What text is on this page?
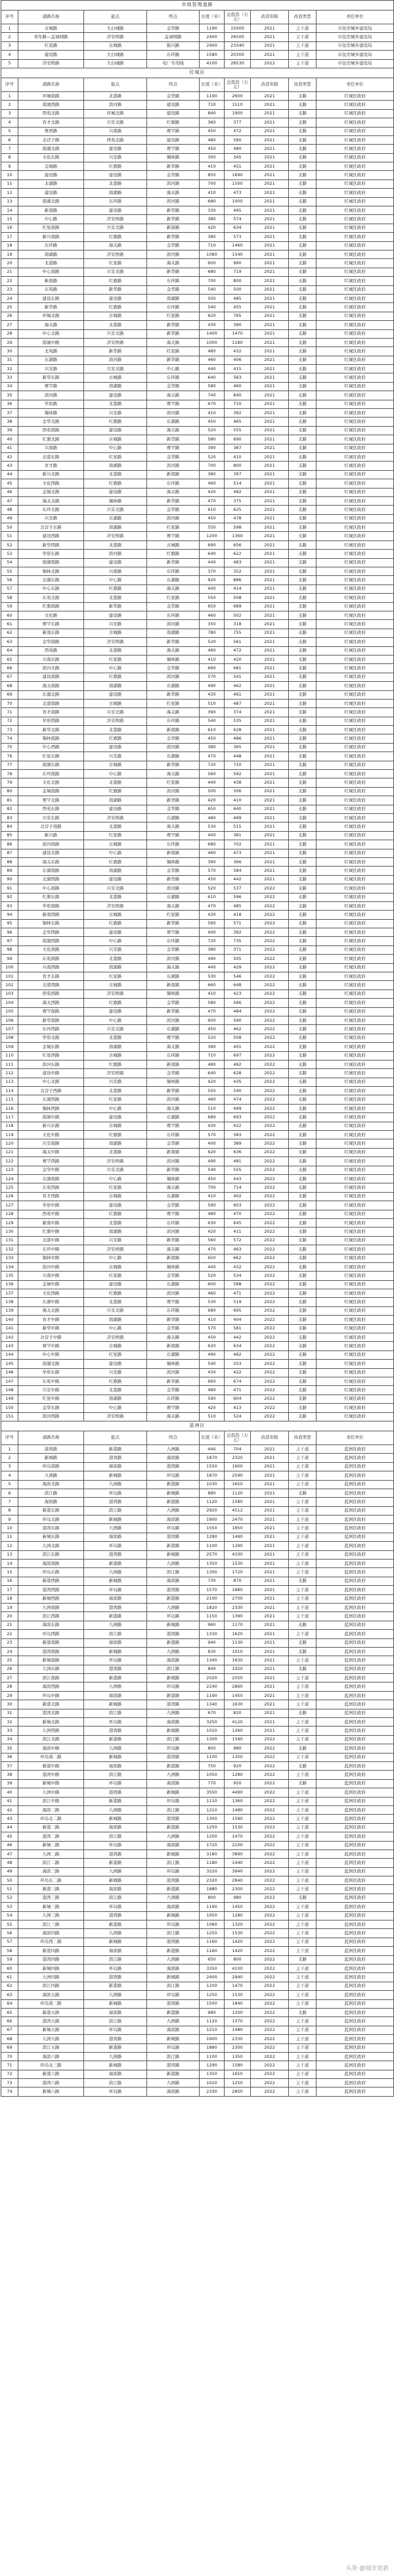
市级管理道路								
序号	道路名称	起点	终点	长度（米）	总投资（万元）	改造年限	改造类型	责任单位
1	古城路	大白城路	金华路	1190	15000	2021	主干道	市住房城乡建设局
2	青年路—孟禄园路	济安桥路	孟禄园路	2400	26500	2021	主干道	市住房城乡建设局
3	红星路	古城路	振兴路	2400	23340	2021	主干道	市住房城乡建设局
4	建设路	大白城路	东环路	1580	20300	2021	主干道	市住房城乡建设局
5	济安桥路	大白城路	电厂专用线	4100	28530	2022	主干道	市住房城乡建设局
红城区								
序号	道路名称	起点	终点	长度（米）	总投资（万元）	改造年限	改造类型	责任单位
1	环城南路	北港路	金华路	1190	2600	2021	支路	红城区政府
2	南湖西路	滨河路	建设路	720	1510	2021	支路	红城区政府
3	西苑北路	环城北路	建设路	840	1900	2021	支路	红城区政府
4	育才北路	兴安北路	红旗路	360	377	2021	支路	红城区政府
5	赛西路	兴南路	赛罕路	450	472	2021	支路	红城区政府
6	北营子路	西苑北路	建设路	480	580	2021	支路	红城区政府
7	南湖北路	建设路	赛罕路	450	480	2021	支路	红城区政府
8	文化东路	兴安路	锡林路	300	345	2021	支路	红城区政府
9	金城路	红旗路	新华路	410	451	2021	支路	红城区政府
10	建设路	建设路	金华路	850	1690	2021	支路	红城区政府
11	北湖路	北港路	滨河路	700	1500	2021	支路	红城区政府
12	建设路	南湖路	海关路	410	473	2021	支路	红城区政府
13	南湖北路	东环路	滨河路	680	1000	2021	支路	红城区政府
14	新南路	建设路	新华路	330	495	2021	支路	红城区政府
15	中心路	济安桥路	新华路	380	574	2021	支路	红城区政府
16	红星南路	兴安北路	新南路	420	634	2021	支路	红城区政府
17	新兴南路	红旗路	新华路	380	573	2021	支路	红城区政府
18	东环路	海关路	金华路	710	1460	2021	支路	红城区政府
19	南湖路	济安桥路	滨河路	1080	1540	2021	支路	红城区政府
20	北港路	红星路	海关路	600	990	2021	支路	红城区政府
21	中心南路	兴安北路	新华路	680	719	2021	支路	红城区政府
22	新南路	红旗路	东环路	700	800	2021	支路	红城区政府
23	东苑路	新华路	金华路	540	500	2021	支路	红城区政府
24	建设东路	建设路	南湖路	500	485	2021	支路	红城区政府
25	新华路	红旗路	东环路	540	455	2021	支路	红城区政府
26	环城北路	古城路	红星路	620	765	2021	支路	红城区政府
27	海关路	北港路	新华路	430	390	2021	支路	红城区政府
28	中心北路	兴安北路	新华路	1400	1470	2021	支路	红城区政府
29	南湖中路	济安桥路	海关路	1000	1180	2021	支路	红城区政府
30	北苑路	新华路	红星路	480	432	2021	支路	红城区政府
31	东湖路	滨河路	新华路	460	406	2021	支路	红城区政府
32	兴安路	兴安北路	中心路	440	415	2021	支路	红城区政府
33	新华东路	古城路	东环路	640	563	2021	支路	红城区政府
34	赛罕路	南湖路	金华路	580	460	2021	支路	红城区政府
35	滨河路	建设路	海关路	740	840	2021	支路	红城区政府
36	学府路	北港路	赛罕路	670	710	2021	支路	红城区政府
37	锡林路	兴安路	滨河路	410	392	2021	支路	红城区政府
38	金华北路	红旗路	东湖路	450	465	2021	支路	红城区政府
39	西苑南路	建设路	海关路	520	555	2021	支路	红城区政府
40	红旗北路	古城路	新华路	580	690	2021	支路	红城区政府
41	兴南路	中心路	赛罕路	390	387	2021	支路	红城区政府
42	北港东路	红星路	金华路	520	410	2021	支路	红城区政府
43	育才路	南湖路	滨河路	700	800	2021	支路	红城区政府
44	新兴北路	北港路	新南路	380	397	2021	支路	红城区政府
45	文化西路	红旗路	东环路	460	514	2021	支路	红城区政府
46	金城北路	建设路	海关路	420	482	2021	支路	红城区政府
47	海关北路	锡林路	新华路	470	375	2021	支路	红城区政府
48	东环北路	兴安北路	金华路	610	625	2021	支路	红城区政府
49	兴安路	东湖路	滨河路	450	478	2021	支路	红城区政府
50	北营子东路	南湖路	红星路	550	598	2021	支路	红城区政府
51	建设西路	济安桥路	赛罕路	1200	1360	2021	支路	红城区政府
52	新华西路	北港路	古城路	690	656	2021	支路	红城区政府
53	学府东路	滨河路	红旗路	640	622	2021	支路	红城区政府
54	南湖南路	建设路	新华路	440	483	2021	支路	红城区政府
55	锡林北路	兴南路	东环路	370	352	2021	支路	红城区政府
56	北湖东路	中心路	东湖路	920	886	2021	支路	红城区政府
57	中心东路	红旗路	海关路	400	414	2021	支路	红城区政府
58	东苑北路	北港路	红星路	550	508	2021	支路	红城区政府
59	红旗南路	新华路	金华路	650	689	2021	支路	红城区政府
60	文化路	建设路	东环路	460	502	2021	支路	红城区政府
61	赛罕东路	兴安路	滨河路	350	318	2021	支路	红城区政府
62	新南东路	古城路	南湖路	780	755	2021	支路	红城区政府
63	金华南路	济安桥路	新华路	520	561	2021	支路	红城区政府
64	西苑路	北港路	海关路	460	472	2021	支路	红城区政府
65	兴南东路	红星路	锡林路	410	420	2021	支路	红城区政府
66	滨河北路	中心路	金华路	660	681	2021	支路	红城区政府
67	建设南路	红旗路	滨河路	570	541	2021	支路	红城区政府
68	海关南路	南湖路	东湖路	490	462	2021	支路	红城区政府
69	东湖北路	建设路	新华路	430	461	2021	支路	红城区政府
70	北港南路	古城路	红星路	510	487	2021	支路	红城区政府
71	育才南路	兴安北路	海关路	390	374	2021	支路	红城区政府
72	学府西路	济安桥路	东环路	540	535	2021	支路	红城区政府
73	新华北路	北港路	新南路	610	628	2021	支路	红城区政府
74	锡林南路	红旗路	金华路	450	486	2021	支路	红城区政府
75	中心西路	建设路	滨河路	380	365	2021	支路	红城区政府
76	红星东路	兴安路	东湖路	470	448	2021	支路	红城区政府
77	南湖东路	古城路	新华路	720	710	2021	支路	红城区政府
78	东环南路	中心路	海关路	560	592	2021	支路	红城区政府
79	文化北路	北港路	红星路	440	438	2021	支路	红城区政府
80	金城南路	红旗路	滨河路	500	506	2021	支路	红城区政府
81	赛罕北路	南湖路	新华路	420	410	2021	支路	红城区政府
82	西苑东路	建设路	金华路	650	640	2021	支路	红城区政府
83	兴安东路	济安桥路	东湖路	480	499	2021	支路	红城区政府
84	北营子南路	北港路	海关路	530	515	2021	支路	红城区政府
85	新兴路	红星路	赛罕路	400	381	2021	支路	红城区政府
86	滨河南路	古城路	东环路	680	702	2021	支路	红城区政府
87	建设北路	中心路	新南路	460	473	2021	支路	红城区政府
88	海关东路	红旗路	锡林路	390	366	2021	支路	红城区政府
89	东湖南路	南湖路	金华路	570	584	2021	支路	红城区政府
90	北湖西路	建设路	新华路	450	442	2021	支路	红城区政府
91	中心南路	兴安北路	滨河路	520	537	2022	支路	红城区政府
92	红旗东路	北港路	东湖路	610	596	2022	支路	红城区政府
93	学府南路	济安桥路	海关路	470	485	2022	支路	红城区政府
94	新南西路	古城路	红星路	430	418	2022	支路	红城区政府
95	锡林东路	红旗路	新华路	560	571	2022	支路	红城区政府
96	金华西路	建设路	赛罕路	400	392	2022	支路	红城区政府
97	南湖西路	中心路	东环路	720	735	2022	支路	红城区政府
98	文化南路	兴安路	金华路	380	371	2022	支路	红城区政府
99	东苑南路	北港路	滨河路	490	505	2022	支路	红城区政府
100	兴南西路	南湖路	海关路	440	429	2022	支路	红城区政府
101	育才东路	红星路	东湖路	530	546	2022	支路	红城区政府
102	北港西路	古城路	新南路	660	648	2022	支路	红城区政府
103	西苑西路	济安桥路	锡林路	410	423	2022	支路	红城区政府
104	海关西路	红旗路	金华路	580	566	2022	支路	红城区政府
105	赛罕南路	建设路	新华路	470	484	2022	支路	红城区政府
106	新华南路	中心路	滨河路	600	590	2022	支路	红城区政府
107	东环西路	兴安北路	东湖路	450	462	2022	支路	红城区政府
108	学府北路	北港路	赛罕路	520	508	2022	支路	红城区政府
109	金城东路	南湖路	海关路	390	401	2022	支路	红城区政府
110	红星西路	古城路	东环路	710	697	2022	支路	红城区政府
111	滨河东路	红旗路	新南路	480	492	2022	支路	红城区政府
112	建设中路	济安桥路	金华路	640	628	2022	支路	红城区政府
113	中心北路	兴安路	锡林路	420	435	2022	支路	红城区政府
114	北营子西路	北港路	新华路	550	540	2022	支路	红城区政府
115	东湖西路	红星路	滨河路	460	474	2022	支路	红城区政府
116	锡林西路	中心路	海关路	510	499	2022	支路	红城区政府
117	南湖中路	建设路	东湖路	680	693	2022	支路	红城区政府
118	新兴东路	古城路	赛罕路	430	422	2022	支路	红城区政府
119	文化中路	红旗路	东环路	570	583	2022	支路	红城区政府
120	兴安南路	南湖路	金华路	400	389	2022	支路	红城区政府
121	海关中路	北港路	新南路	620	636	2022	支路	红城区政府
122	赛罕西路	济安桥路	滨河路	490	481	2022	支路	红城区政府
123	金华中路	兴安北路	新华路	540	555	2022	支路	红城区政府
124	北湖南路	中心路	锡林路	450	443	2022	支路	红城区政府
125	东苑西路	红星路	海关路	700	714	2022	支路	红城区政府
126	育才西路	古城路	东湖路	410	402	2022	支路	红城区政府
127	学府中路	建设路	金华路	590	603	2022	支路	红城区政府
128	西苑中路	红旗路	赛罕路	480	470	2022	支路	红城区政府
129	新南中路	北港路	东环路	630	645	2022	支路	红城区政府
130	红旗中路	南湖路	滨河路	420	411	2022	支路	红城区政府
131	北港中路	兴安路	新华路	560	572	2022	支路	红城区政府
132	东环中路	济安桥路	海关路	470	463	2022	支路	红城区政府
133	锡林中路	中心路	新南路	650	662	2022	支路	红城区政府
134	滨河中路	古城路	锡林路	440	432	2022	支路	红城区政府
135	兴南中路	红星路	金华路	520	534	2022	支路	红城区政府
136	金城中路	建设路	东湖路	600	588	2022	支路	红城区政府
137	文化西路	红旗路	滨河路	460	471	2022	支路	红城区政府
138	东湖中路	北港路	赛罕路	530	519	2022	支路	红城区政府
139	海关北路	兴安北路	东环路	680	695	2022	支路	红城区政府
140	育才中路	南湖路	新华路	410	404	2022	支路	红城区政府
141	新华中路	中心路	金华路	570	581	2022	支路	红城区政府
142	北营子中路	济安桥路	海关路	450	442	2022	支路	红城区政府
143	赛罕中路	古城路	新南路	620	634	2022	支路	红城区政府
144	中心中路	红星路	东湖路	490	482	2022	支路	红城区政府
145	南湖北路	建设路	锡林路	540	553	2022	支路	红城区政府
146	学府东路	兴安路	滨河路	430	422	2022	支路	红城区政府
147	东苑中路	红旗路	新华路	660	674	2022	支路	红城区政府
148	兴安中路	北港路	金华路	480	471	2022	支路	红城区政府
149	红星中路	南湖路	东环路	590	604	2022	支路	红城区政府
150	金华东路	中心路	赛罕路	420	413	2022	支路	红城区政府
151	滨河西路	济安桥路	海关路	510	524	2022	支路	红城区政府
蓝洲区								
序号	道路名称	起点	终点	长度（米）	总投资（万元）	改造年限	改造类型	责任单位
1	港湾路	新港路	九洲路	440	704	2021	主干道	蓝洲区政府
2	新城路	港湾路	海滨路	1870	2320	2021	主干道	蓝洲区政府
3	环岛南路	海滨路	港湾路	1550	1600	2021	主干道	蓝洲区政府
4	九洲路	新城路	环岛路	1870	2590	2021	主干道	蓝洲区政府
5	海滨北路	九洲路	新港路	1030	1650	2021	主干道	蓝洲区政府
6	滨江路	环岛路	新城路	880	1120	2021	支路	蓝洲区政府
7	海滨路	港湾路	新港路	1120	1580	2021	主干道	蓝洲区政府
8	新港东路	滨江路	九洲路	2920	4512	2021	主干道	蓝洲区政府
9	环岛北路	新城路	海滨路	1900	2470	2021	主干道	蓝洲区政府
10	港湾东路	九洲路	环岛路	1550	1850	2021	主干道	蓝洲区政府
11	新城东路	海滨路	港湾路	1280	1490	2021	主干道	蓝洲区政府
12	九洲北路	环岛路	新港路	1100	1290	2021	主干道	蓝洲区政府
13	滨江东路	港湾路	新城路	2570	4330	2021	主干道	蓝洲区政府
14	海滨南路	新港路	九洲路	1350	1530	2021	主干道	蓝洲区政府
15	环岛东路	九洲路	滨江路	1300	1720	2021	主干道	蓝洲区政府
16	新港西路	新城路	海滨路	730	870	2021	支路	蓝洲区政府
17	港湾西路	环岛路	港湾路	1570	1880	2021	主干道	蓝洲区政府
18	新城西路	海滨路	新港路	2100	2700	2021	主干道	蓝洲区政府
19	九洲南路	港湾路	九洲路	1820	2330	2021	主干道	蓝洲区政府
20	滨江西路	新港路	环岛路	1150	1390	2021	主干道	蓝洲区政府
21	海滨东路	九洲路	新城路	960	1170	2021	支路	蓝洲区政府
22	环岛西路	滨江路	港湾路	1330	1620	2021	主干道	蓝洲区政府
23	新港南路	海滨路	新港路	940	1130	2021	支路	蓝洲区政府
24	港湾南路	新城路	九洲路	830	1010	2021	支路	蓝洲区政府
25	新城南路	环岛路	海滨路	1340	1630	2021	主干道	蓝洲区政府
26	九洲东路	港湾路	滨江路	840	1020	2021	支路	蓝洲区政府
27	滨江南路	新港路	新城路	2020	2550	2021	主干道	蓝洲区政府
28	海滨西路	九洲路	环岛路	2240	2860	2021	主干道	蓝洲区政府
29	环岛中路	海滨路	新港路	1190	1450	2021	主干道	蓝洲区政府
30	新港北路	新城路	港湾路	1340	1630	2021	主干道	蓝洲区政府
31	港湾北路	滨江路	九洲路	670	820	2021	支路	蓝洲区政府
32	新城北路	环岛路	海滨路	3250	4120	2021	主干道	蓝洲区政府
33	九洲西路	港湾路	新城路	1020	1260	2021	主干道	蓝洲区政府
34	滨江北路	新港路	滨江路	1300	1590	2022	主干道	蓝洲区政府
35	海滨中路	九洲路	环岛路	800	980	2022	支路	蓝洲区政府
36	环岛南二路	新城路	港湾路	1100	1350	2022	主干道	蓝洲区政府
37	新港中路	海滨路	新港路	750	920	2022	支路	蓝洲区政府
38	港湾中路	滨江路	九洲路	1050	1280	2022	主干道	蓝洲区政府
39	新城中路	环岛路	海滨路	770	950	2022	支路	蓝洲区政府
40	九洲中路	港湾路	新城路	3550	4490	2022	主干道	蓝洲区政府
41	滨江中路	新港路	环岛路	1110	1360	2022	主干道	蓝洲区政府
42	海滨二路	九洲路	滨江路	1210	1480	2022	主干道	蓝洲区政府
43	环岛北二路	新城路	港湾路	1300	1590	2022	主干道	蓝洲区政府
44	新港二路	海滨路	新港路	1250	1530	2022	主干道	蓝洲区政府
45	港湾二路	滨江路	九洲路	1200	1470	2022	主干道	蓝洲区政府
46	新城二路	环岛路	海滨路	1720	2100	2022	主干道	蓝洲区政府
47	九洲二路	港湾路	新城路	3180	3890	2022	主干道	蓝洲区政府
48	滨江二路	新港路	滨江路	1180	1440	2022	主干道	蓝洲区政府
49	海滨三路	九洲路	环岛路	3220	3940	2022	主干道	蓝洲区政府
50	环岛东二路	新城路	港湾路	2320	2840	2022	主干道	蓝洲区政府
51	新港三路	海滨路	新港路	1880	2300	2022	主干道	蓝洲区政府
52	港湾三路	滨江路	九洲路	800	980	2022	支路	蓝洲区政府
53	新城三路	环岛路	海滨路	1190	1450	2022	主干道	蓝洲区政府
54	九洲三路	港湾路	新城路	1050	1280	2022	主干道	蓝洲区政府
55	滨江三路	新港路	环岛路	1080	1320	2022	主干道	蓝洲区政府
56	海滨四路	九洲路	滨江路	1250	1530	2022	主干道	蓝洲区政府
57	环岛西二路	新城路	港湾路	1160	1420	2022	主干道	蓝洲区政府
58	新港四路	海滨路	新港路	1160	1420	2022	主干道	蓝洲区政府
59	港湾四路	滨江路	九洲路	650	800	2022	支路	蓝洲区政府
60	新城四路	环岛路	海滨路	3350	4100	2022	主干道	蓝洲区政府
61	九洲四路	港湾路	新城路	2400	2940	2022	主干道	蓝洲区政府
62	滨江四路	新港路	滨江路	1200	1470	2022	主干道	蓝洲区政府
63	海滨五路	九洲路	环岛路	1250	1530	2022	主干道	蓝洲区政府
64	环岛南三路	新城路	港湾路	1500	1840	2022	主干道	蓝洲区政府
65	新港五路	海滨路	新港路	980	1200	2022	支路	蓝洲区政府
66	港湾五路	滨江路	九洲路	1120	1370	2022	主干道	蓝洲区政府
67	新城五路	环岛路	海滨路	1210	1480	2022	主干道	蓝洲区政府
68	九洲五路	港湾路	新城路	1900	2330	2022	主干道	蓝洲区政府
69	滨江五路	新港路	环岛路	1880	2300	2022	主干道	蓝洲区政府
70	海滨六路	九洲路	滨江路	1100	1350	2022	主干道	蓝洲区政府
71	环岛北三路	新城路	港湾路	1290	1580	2022	主干道	蓝洲区政府
72	新港六路	海滨路	新港路	1350	1650	2022	主干道	蓝洲区政府
73	港湾六路	滨江路	九洲路	1020	1250	2022	主干道	蓝洲区政府
74	新城六路	环岛路	海滨路	2330	2850	2022	主干道	蓝洲区政府
头条 @城市更新
